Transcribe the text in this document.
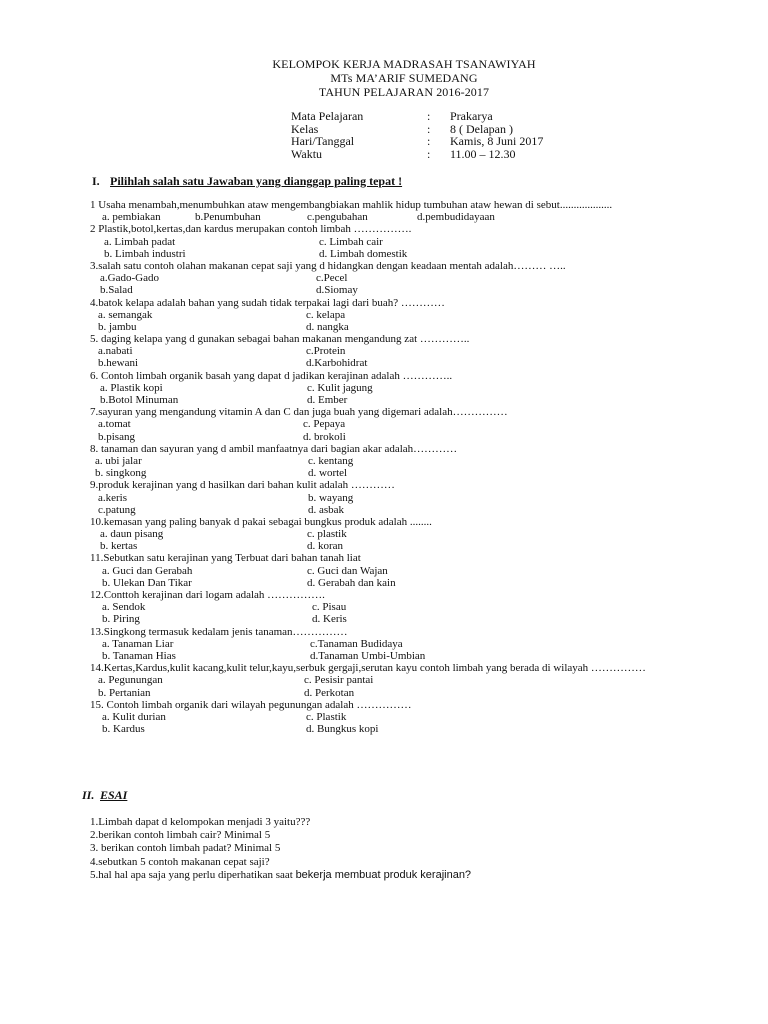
KELOMPOK KERJA MADRASAH TSANAWIYAH
MTs MA’ARIF SUMEDANG
TAHUN PELAJARAN 2016-2017
Mata Pelajaran	: Prakarya
Kelas	: 8 ( Delapan )
Hari/Tanggal	: Kamis, 8 Juni 2017
Waktu	: 11.00 – 12.30
I. Pilihlah salah satu Jawaban yang dianggap paling tepat !
1 Usaha menambah,menumbuhkan ataw mengembangbiakan mahlik hidup tumbuhan ataw hewan di sebut...................
a. pembiakan	b.Penumbuhan	c.pengubahan	d.pembudidayaan
2 Plastik,botol,kertas,dan kardus merupakan contoh limbah …………….
a. Limbah padat	c. Limbah cair
b. Limbah industri	d. Limbah domestik
3.salah satu contoh olahan makanan cepat saji yang d hidangkan dengan keadaan mentah adalah……… …..
a.Gado-Gado	c.Pecel
b.Salad	d.Siomay
4.batok kelapa adalah bahan yang sudah tidak terpakai lagi dari buah? …………
a. semangak	c. kelapa
b. jambu	d. nangka
5. daging kelapa yang d gunakan sebagai bahan makanan mengandung zat …………..
a.nabati	c.Protein
b.hewani	d.Karbohidrat
6. Contoh limbah organik basah yang dapat d jadikan kerajinan adalah …………..
a. Plastik kopi	c. Kulit jagung
b.Botol Minuman	d. Ember
7.sayuran yang mengandung vitamin A dan C dan juga buah yang digemari adalah……………
a.tomat	c. Pepaya
b.pisang	d. brokoli
8. tanaman dan sayuran yang d ambil manfaatnya dari bagian akar adalah…………
a. ubi jalar	c. kentang
b. singkong	d. wortel
9.produk kerajinan yang d hasilkan dari bahan kulit adalah …………
a.keris	b. wayang
c.patung	d. asbak
10.kemasan yang paling banyak d pakai sebagai bungkus produk adalah ........
a. daun pisang	c. plastik
b. kertas	d. koran
11.Sebutkan satu kerajinan yang Terbuat dari bahan tanah liat
a. Guci dan Gerabah	c. Guci dan Wajan
b. Ulekan Dan Tikar	d. Gerabah dan kain
12.Conttoh kerajinan dari logam adalah …………….
a. Sendok	c. Pisau
b. Piring	d. Keris
13.Singkong termasuk kedalam jenis tanaman……………
a. Tanaman Liar	c.Tanaman Budidaya
b. Tanaman Hias	d.Tanaman Umbi-Umbian
14.Kertas,Kardus,kulit kacang,kulit telur,kayu,serbuk gergaji,serutan kayu contoh limbah yang berada di wilayah ……………
a. Pegunungan	c. Pesisir pantai
b. Pertanian	d. Perkotan
15. Contoh limbah organik dari wilayah pegunungan adalah ……………
a. Kulit durian	c. Plastik
b. Kardus	d. Bungkus kopi
II. ESAI
1.Limbah dapat d kelompokan menjadi 3 yaitu???
2.berikan contoh limbah cair? Minimal 5
3. berikan contoh limbah padat? Minimal 5
4.sebutkan 5 contoh makanan cepat saji?
5.hal hal apa saja yang perlu diperhatikan saat bekerja membuat produk kerajinan?
